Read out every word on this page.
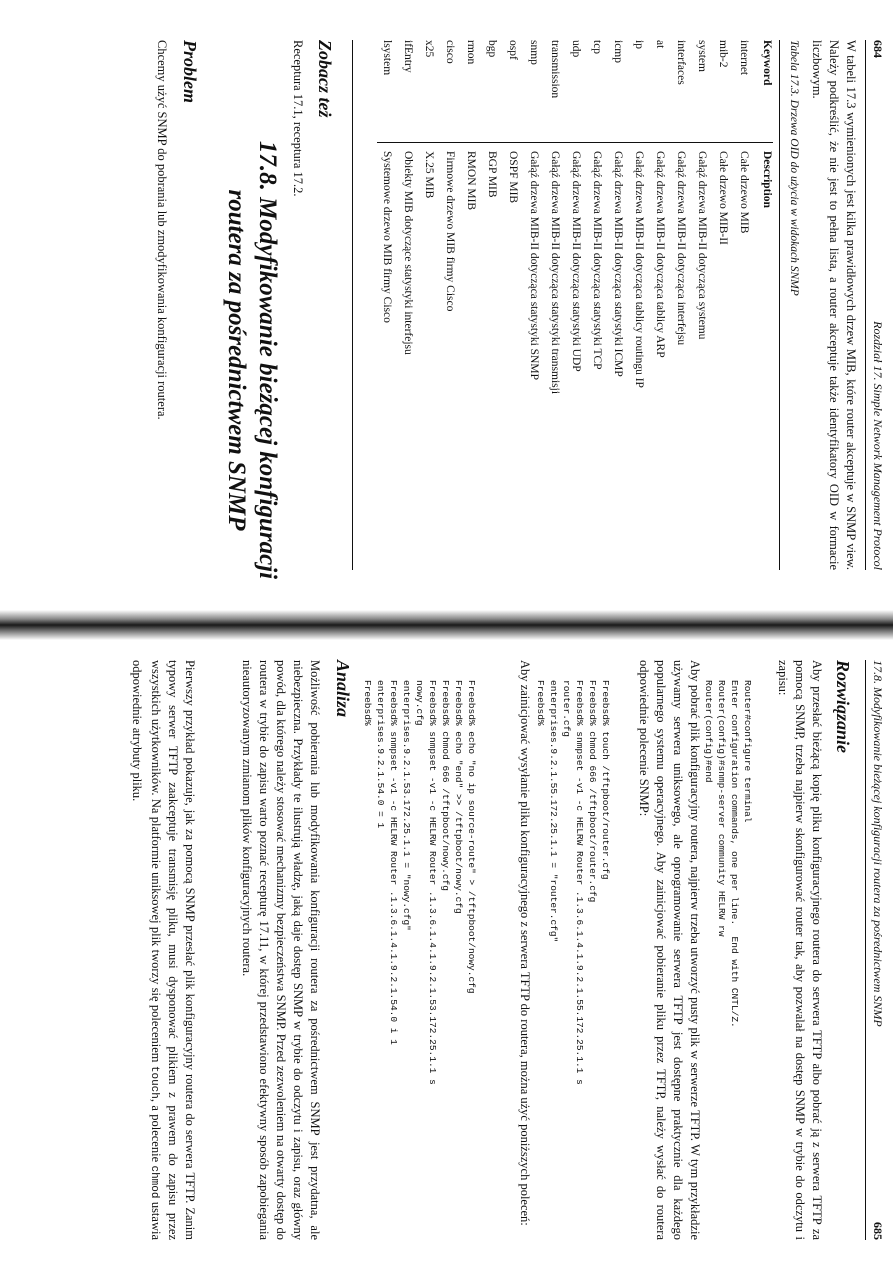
684
Rozdział 17. Simple Network Management Protocol
W tabeli 17.3 wymienionych jest kilka prawidłowych drzew MIB, które router akceptuje w SNMP view. Należy podkreślić, że nie jest to pełna lista, a router akceptuje także identyfikatory OID w formacie liczbowym.
Tabela 17.3. Drzewa OID do użycia w widokach SNMP
Keyword	Description
internet	Całe drzewo MIB
mib-2	Całe drzewo MIB-II
system	Gałąź drzewa MIB-II dotycząca systemu
interfaces	Gałąź drzewa MIB-II dotycząca interfejsu
at	Gałąź drzewa MIB-II dotycząca tablicy ARP
ip	Gałąź drzewa MIB-II dotycząca tablicy routingu IP
icmp	Gałąź drzewa MIB-II dotycząca statystyki ICMP
tcp	Gałąź drzewa MIB-II dotycząca statystyki TCP
udp	Gałąź drzewa MIB-II dotycząca statystyki UDP
transmission	Gałąź drzewa MIB-II dotycząca statystyki transmisji
snmp	Gałąź drzewa MIB-II dotycząca statystyki SNMP
ospf	OSPF MIB
bgp	BGP MIB
rmon	RMON MIB
cisco	Firmowe drzewo MIB firmy Cisco
x25	X.25 MIB
ifEntry	Obiekty MIB dotyczące statystyki interfejsu
lsystem	Systemowe drzewo MIB firmy Cisco
Zobacz też
Receptura 17.1, receptura 17.2.
17.8. Modyfikowanie bieżącej konfiguracji
routera za pośrednictwem SNMP
Problem
Chcemy użyć SNMP do pobrania lub zmodyfikowania konfiguracji routera.
17.8. Modyfikowanie bieżącej konfiguracji routera za pośrednictwem SNMP
685
Rozwiązanie
Aby przesłać bieżącą kopię pliku konfiguracyjnego routera do serwera TFTP albo pobrać ją z serwera TFTP za pomocą SNMP, trzeba najpierw skonfigurować router tak, aby pozwalał na dostęp SNMP w trybie do odczytu i zapisu:

Router#configure terminal
Enter configuration commands, one per line.  End with CNTL/Z.
Router(config)#snmp-server community HELRW rw
Router(config)#end
Aby pobrać plik konfiguracyjny routera, najpierw trzeba utworzyć pusty plik w serwerze TFTP. W tym przykładzie używamy serwera uniksowego, ale oprogramowanie serwera TFTP jest dostępne praktycznie dla każdego popularnego systemu operacyjnego. Aby zainicjować pobieranie pliku przez TFTP, należy wysłać do routera odpowiednie polecenie SNMP:

Freebsd% touch /tftpboot/router.cfg
Freebsd% chmod 666 /tftpboot/router.cfg
Freebsd% snmpset -v1 -c HELRW Router .1.3.6.1.4.1.9.2.1.55.172.25.1.1 s
router.cfg
enterprises.9.2.1.55.172.25.1.1 = "router.cfg"
Freebsd%
Aby zainicjować wysyłanie pliku konfiguracyjnego z serwera TFTP do routera, można użyć poniższych poleceń:

Freebsd% echo "no ip source-route" > /tftpboot/nowy.cfg
Freebsd% echo "end" >> /tftpboot/nowy.cfg
Freebsd% chmod 666 /tftpboot/nowy.cfg
Freebsd% snmpset -v1 -c HELRW Router .1.3.6.1.4.1.9.2.1.53.172.25.1.1 s
nowy.cfg
enterprises.9.2.1.53.172.25.1.1 = "nowy.cfg"
Freebsd% snmpset -v1 -c HELRW Router .1.3.6.1.4.1.9.2.1.54.0 i 1
enterprises.9.2.1.54.0 = 1
Freebsd%
Analiza
Możliwość pobierania lub modyfikowania konfiguracji routera za pośrednictwem SNMP jest przydatna, ale niebezpieczna. Przykłady te ilustrują władzę, jaką daje dostęp SNMP w trybie do odczytu i zapisu, oraz główny powód, dla którego należy stosować mechanizmy bezpieczeństwa SNMP. Przed zezwoleniem na otwarty dostęp do routera w trybie do zapisu warto poznać recepturę 17.11, w której przedstawiono efektywny sposób zapobiegania nieautoryzowanym zmianom plików konfiguracyjnych routera.
Pierwszy przykład pokazuje, jak za pomocą SNMP przesłać plik konfiguracyjny routera do serwera TFTP. Zanim typowy serwer TFTP zaakceptuje transmisję pliku, musi dysponować plikiem z prawem do zapisu przez wszystkich użytkowników. Na platformie uniksowej plik tworzy się poleceniem touch, a polecenie chmod ustawia odpowiednie atrybuty pliku.
